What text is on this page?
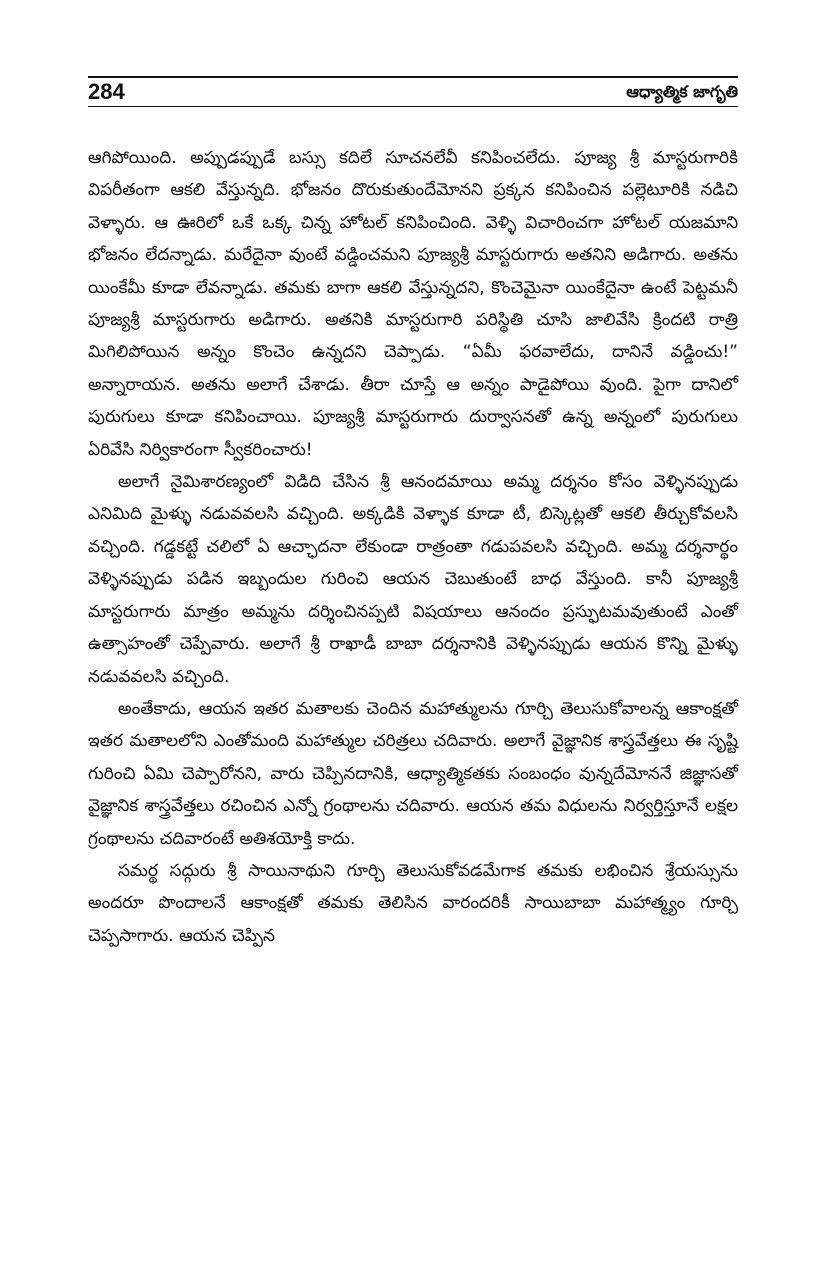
284	ఆధ్యాత్మిక జాగృతి

ఆగిపోయింది. అప్పుడప్పుడే బస్సు కదిలే సూచనలేవీ కనిపించలేదు. పూజ్య శ్రీ మాస్టరుగారికి విపరీతంగా ఆకలి వేస్తున్నది. భోజనం దొరుకుతుందేమోనని ప్రక్కన కనిపించిన పల్లెటూరికి నడిచి వెళ్ళారు. ఆ ఊరిలో ఒకే ఒక్క చిన్న హోటల్ కనిపించింది. వెళ్ళి విచారించగా హోటల్ యజమాని భోజనం లేదన్నాడు. మరేదైనా వుంటే వడ్డించమని పూజ్యశ్రీ మాస్టరుగారు అతనిని అడిగారు. అతను యింకేమీ కూడా లేవన్నాడు. తమకు బాగా ఆకలి వేస్తున్నదని, కొంచెమైనా యింకేదైనా ఉంటే పెట్టమనీ పూజ్యశ్రీ మాస్టరుగారు అడిగారు. అతనికి మాస్టరుగారి పరిస్థితి చూసి జాలివేసి క్రిందటి రాత్రి మిగిలిపోయిన అన్నం కొంచెం ఉన్నదని చెప్పాడు. “ఏమీ ఫరవాలేదు, దానినే వడ్డించు!” అన్నారాయన. అతను అలాగే చేశాడు. తీరా చూస్తే ఆ అన్నం పాడైపోయి వుంది. పైగా దానిలో పురుగులు కూడా కనిపించాయి. పూజ్యశ్రీ మాస్టరుగారు దుర్వాసనతో ఉన్న అన్నంలో పురుగులు ఏరివేసి నిర్వికారంగా స్వీకరించారు!

అలాగే నైమిశారణ్యంలో విడిది చేసిన శ్రీ ఆనందమాయి అమ్మ దర్శనం కోసం వెళ్ళినప్పుడు ఎనిమిది మైళ్ళు నడువవలసి వచ్చింది. అక్కడికి వెళ్ళాక కూడా టీ, బిస్కెట్లతో ఆకలి తీర్చుకోవలసి వచ్చింది. గడ్డకట్టే చలిలో ఏ ఆచ్ఛాదనా లేకుండా రాత్రంతా గడుపవలసి వచ్చింది. అమ్మ దర్శనార్థం వెళ్ళినప్పుడు పడిన ఇబ్బందుల గురించి ఆయన చెబుతుంటే బాధ వేస్తుంది. కానీ పూజ్యశ్రీ మాస్టరుగారు మాత్రం అమ్మను దర్శించినప్పటి విషయాలు ఆనందం ప్రస్ఫుటమవుతుంటే ఎంతో ఉత్సాహంతో చెప్పేవారు. అలాగే శ్రీ రాఖాడీ బాబా దర్శనానికి వెళ్ళినప్పుడు ఆయన కొన్ని మైళ్ళు నడువవలసి వచ్చింది.

అంతేకాదు, ఆయన ఇతర మతాలకు చెందిన మహాత్ములను గూర్చి తెలుసుకోవాలన్న ఆకాంక్షతో ఇతర మతాలలోని ఎంతోమంది మహాత్ముల చరిత్రలు చదివారు. అలాగే వైజ్ఞానిక శాస్త్రవేత్తలు ఈ సృష్టి గురించి ఏమి చెప్పారోనని, వారు చెప్పినదానికి, ఆధ్యాత్మికతకు సంబంధం వున్నదేమోననే జిజ్ఞాసతో వైజ్ఞానిక శాస్త్రవేత్తలు రచించిన ఎన్నో గ్రంథాలను చదివారు. ఆయన తమ విధులను నిర్వర్తిస్తూనే లక్షల గ్రంథాలను చదివారంటే అతిశయోక్తి కాదు.

సమర్థ సద్గురు శ్రీ సాయినాథుని గూర్చి తెలుసుకోవడమేగాక తమకు లభించిన శ్రేయస్సును అందరూ పొందాలనే ఆకాంక్షతో తమకు తెలిసిన వారందరికీ సాయిబాబా మహాత్మ్యం గూర్చి చెప్పసాగారు. ఆయన చెప్పిన
